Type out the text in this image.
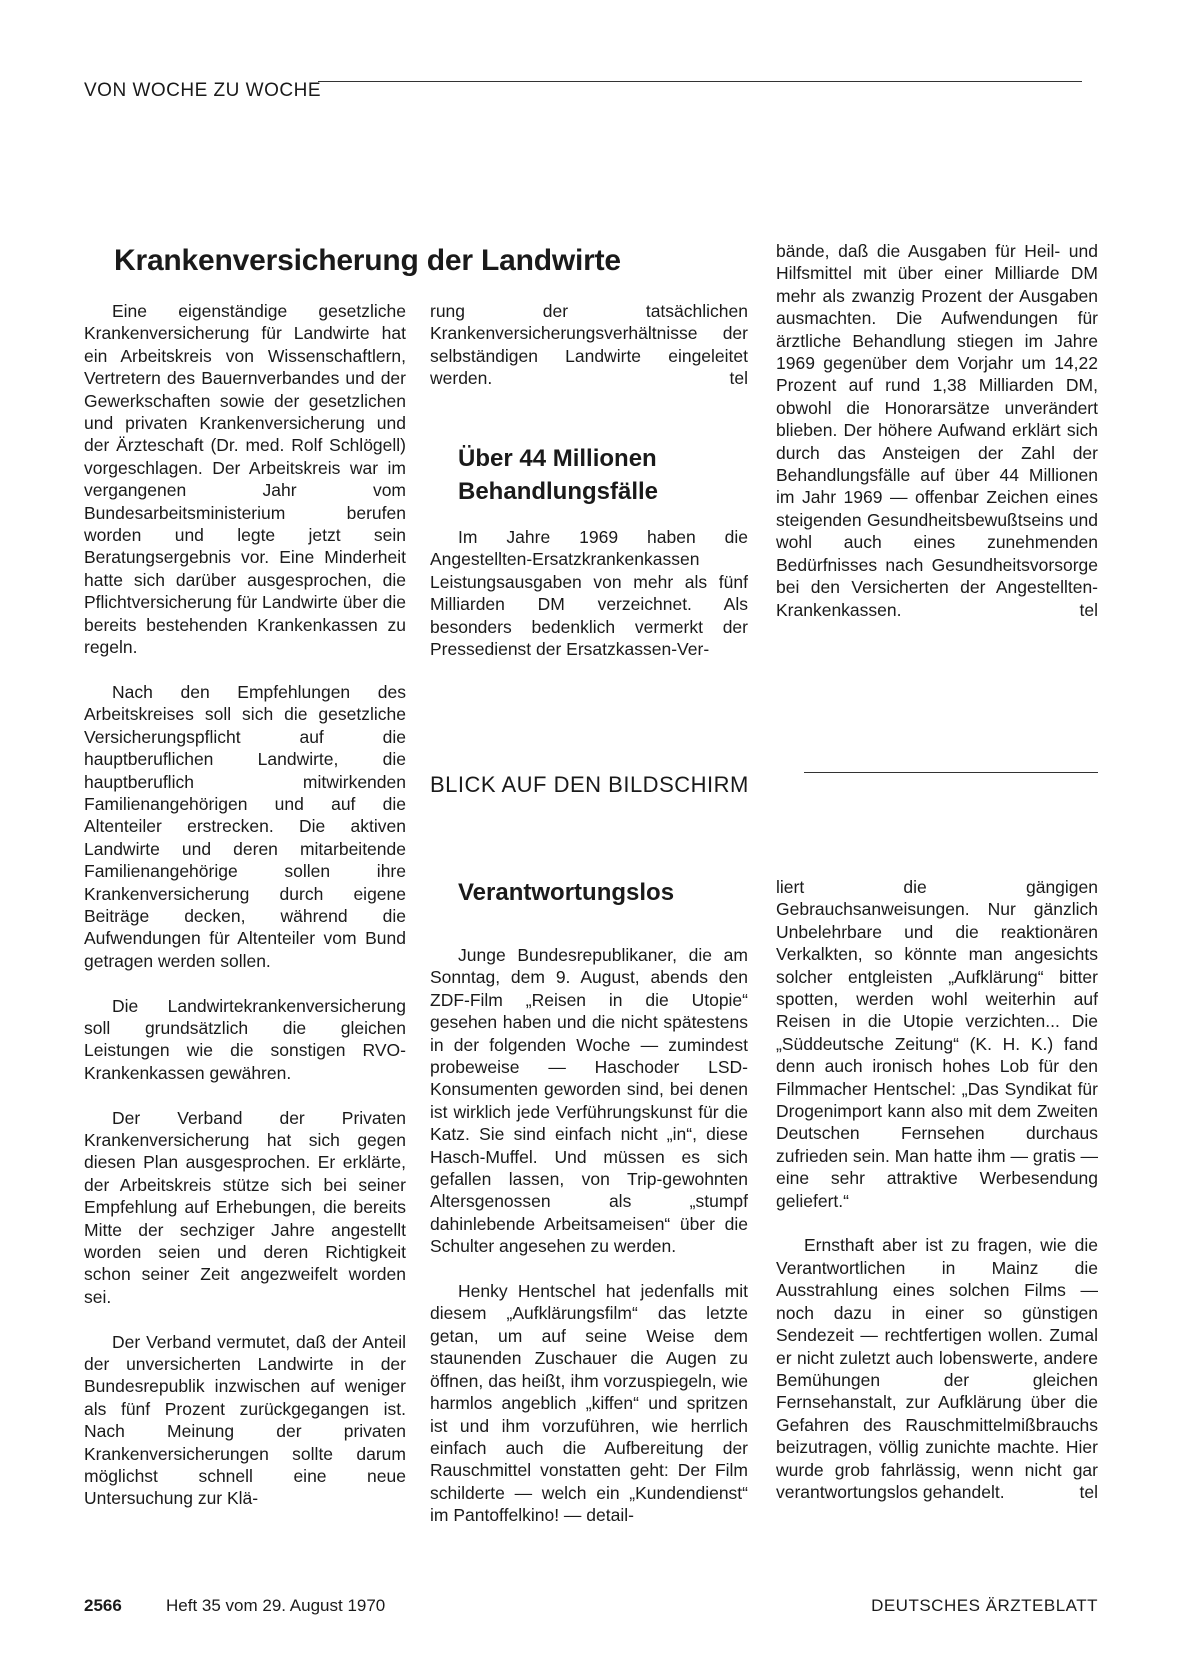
VON WOCHE ZU WOCHE
Krankenversicherung der Landwirte

Eine eigenständige gesetzliche Krankenversicherung für Landwirte hat ein Arbeitskreis von Wissenschaftlern, Vertretern des Bauernverbandes und der Gewerkschaften sowie der gesetzlichen und privaten Krankenversicherung und der Ärzteschaft (Dr. med. Rolf Schlögell) vorgeschlagen. Der Arbeitskreis war im vergangenen Jahr vom Bundesarbeitsministerium berufen worden und legte jetzt sein Beratungsergebnis vor. Eine Minderheit hatte sich darüber ausgesprochen, die Pflichtversicherung für Landwirte über die bereits bestehenden Krankenkassen zu regeln.

Nach den Empfehlungen des Arbeitskreises soll sich die gesetzliche Versicherungspflicht auf die hauptberuflichen Landwirte, die hauptberuflich mitwirkenden Familienangehörigen und auf die Altenteiler erstrecken. Die aktiven Landwirte und deren mitarbeitende Familienangehörige sollen ihre Krankenversicherung durch eigene Beiträge decken, während die Aufwendungen für Altenteiler vom Bund getragen werden sollen.

Die Landwirtekrankenversicherung soll grundsätzlich die gleichen Leistungen wie die sonstigen RVO-Krankenkassen gewähren.

Der Verband der Privaten Krankenversicherung hat sich gegen diesen Plan ausgesprochen. Er erklärte, der Arbeitskreis stütze sich bei seiner Empfehlung auf Erhebungen, die bereits Mitte der sechziger Jahre angestellt worden seien und deren Richtigkeit schon seiner Zeit angezweifelt worden sei.

Der Verband vermutet, daß der Anteil der unversicherten Landwirte in der Bundesrepublik inzwischen auf weniger als fünf Prozent zurückgegangen ist. Nach Meinung der privaten Krankenversicherungen sollte darum möglichst schnell eine neue Untersuchung zur Klä-

rung der tatsächlichen Krankenversicherungsverhältnisse der selbständigen Landwirte eingeleitet werden.	tel

Über 44 Millionen
Behandlungsfälle

Im Jahre 1969 haben die Angestellten-Ersatzkrankenkassen Leistungsausgaben von mehr als fünf Milliarden DM verzeichnet. Als besonders bedenklich vermerkt der Pressedienst der Ersatzkassen-Ver-

bände, daß die Ausgaben für Heil- und Hilfsmittel mit über einer Milliarde DM mehr als zwanzig Prozent der Ausgaben ausmachten. Die Aufwendungen für ärztliche Behandlung stiegen im Jahre 1969 gegenüber dem Vorjahr um 14,22 Prozent auf rund 1,38 Milliarden DM, obwohl die Honorarsätze unverändert blieben. Der höhere Aufwand erklärt sich durch das Ansteigen der Zahl der Behandlungsfälle auf über 44 Millionen im Jahr 1969 — offenbar Zeichen eines steigenden Gesundheitsbewußtseins und wohl auch eines zunehmenden Bedürfnisses nach Gesundheitsvorsorge bei den Versicherten der Angestellten-Krankenkassen.	tel

BLICK AUF DEN BILDSCHIRM
Verantwortungslos

Junge Bundesrepublikaner, die am Sonntag, dem 9. August, abends den ZDF-Film „Reisen in die Utopie“ gesehen haben und die nicht spätestens in der folgenden Woche — zumindest probeweise — Haschoder LSD-Konsumenten geworden sind, bei denen ist wirklich jede Verführungskunst für die Katz. Sie sind einfach nicht „in“, diese Hasch-Muffel. Und müssen es sich gefallen lassen, von Trip-gewohnten Altersgenossen als „stumpf dahinlebende Arbeitsameisen“ über die Schulter angesehen zu werden.

Henky Hentschel hat jedenfalls mit diesem „Aufklärungsfilm“ das letzte getan, um auf seine Weise dem staunenden Zuschauer die Augen zu öffnen, das heißt, ihm vorzuspiegeln, wie harmlos angeblich „kiffen“ und spritzen ist und ihm vorzuführen, wie herrlich einfach auch die Aufbereitung der Rauschmittel vonstatten geht: Der Film schilderte — welch ein „Kundendienst“ im Pantoffelkino! — detail-

liert die gängigen Gebrauchsanweisungen. Nur gänzlich Unbelehrbare und die reaktionären Verkalkten, so könnte man angesichts solcher entgleisten „Aufklärung“ bitter spotten, werden wohl weiterhin auf Reisen in die Utopie verzichten... Die „Süddeutsche Zeitung“ (K. H. K.) fand denn auch ironisch hohes Lob für den Filmmacher Hentschel: „Das Syndikat für Drogenimport kann also mit dem Zweiten Deutschen Fernsehen durchaus zufrieden sein. Man hatte ihm — gratis — eine sehr attraktive Werbesendung geliefert.“

Ernsthaft aber ist zu fragen, wie die Verantwortlichen in Mainz die Ausstrahlung eines solchen Films — noch dazu in einer so günstigen Sendezeit — rechtfertigen wollen. Zumal er nicht zuletzt auch lobenswerte, andere Bemühungen der gleichen Fernsehanstalt, zur Aufklärung über die Gefahren des Rauschmittelmißbrauchs beizutragen, völlig zunichte machte. Hier wurde grob fahrlässig, wenn nicht gar verantwortungslos gehandelt.	tel

2566	Heft 35 vom 29. August 1970	DEUTSCHES ÄRZTEBLATT
